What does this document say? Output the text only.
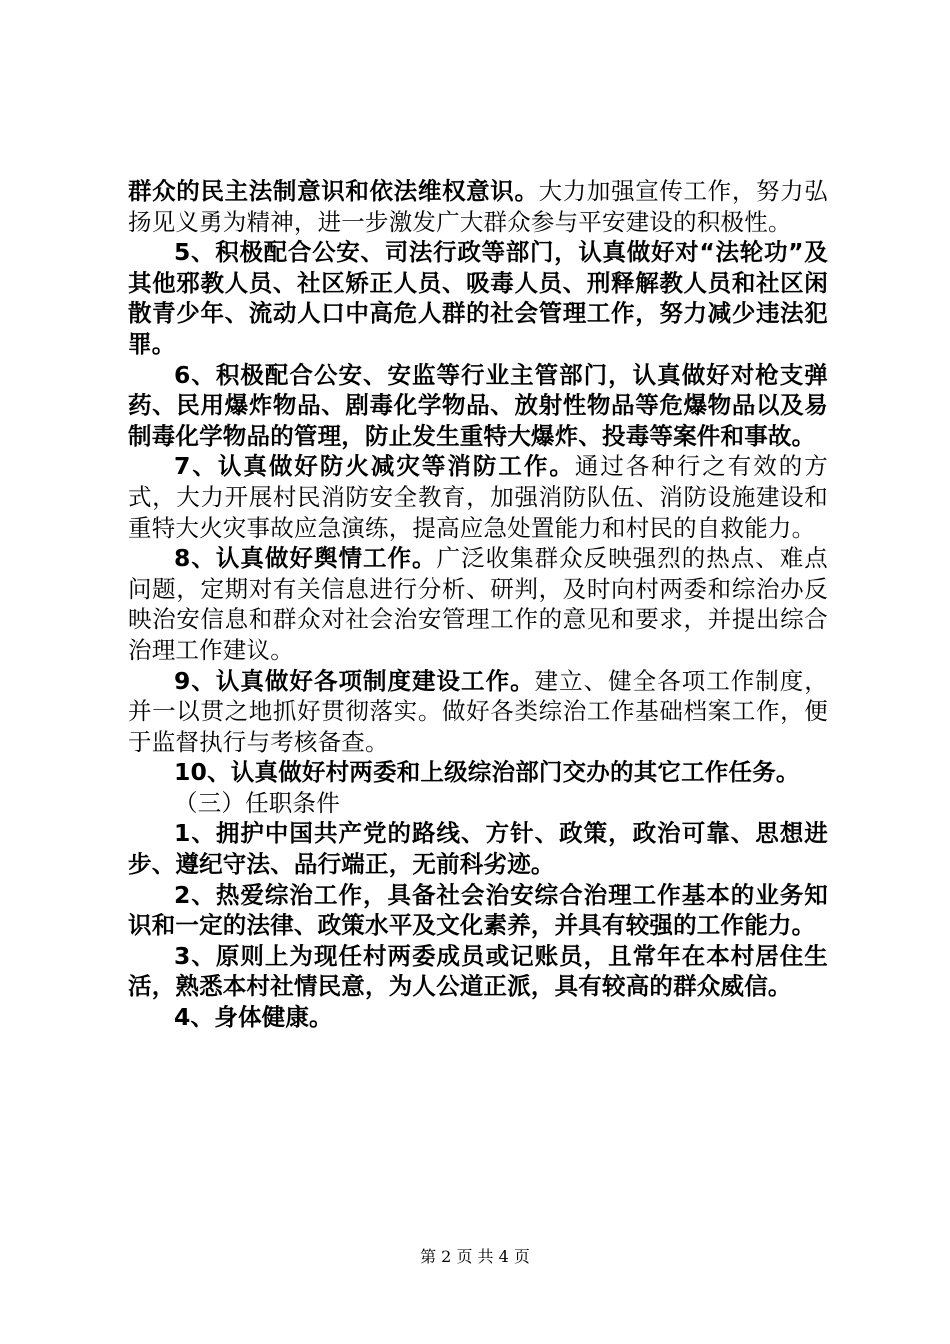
群众的民主法制意识和依法维权意识。大力加强宣传工作，努力弘扬见义勇为精神，进一步激发广大群众参与平安建设的积极性。

5、积极配合公安、司法行政等部门，认真做好对“法轮功”及其他邪教人员、社区矫正人员、吸毒人员、刑释解教人员和社区闲散青少年、流动人口中高危人群的社会管理工作，努力减少违法犯罪。

6、积极配合公安、安监等行业主管部门，认真做好对枪支弹药、民用爆炸物品、剧毒化学物品、放射性物品等危爆物品以及易制毒化学物品的管理，防止发生重特大爆炸、投毒等案件和事故。

7、认真做好防火减灾等消防工作。通过各种行之有效的方式，大力开展村民消防安全教育，加强消防队伍、消防设施建设和重特大火灾事故应急演练，提高应急处置能力和村民的自救能力。

8、认真做好舆情工作。广泛收集群众反映强烈的热点、难点问题，定期对有关信息进行分析、研判，及时向村两委和综治办反映治安信息和群众对社会治安管理工作的意见和要求，并提出综合治理工作建议。

9、认真做好各项制度建设工作。建立、健全各项工作制度，并一以贯之地抓好贯彻落实。做好各类综治工作基础档案工作，便于监督执行与考核备查。

10、认真做好村两委和上级综治部门交办的其它工作任务。

（三）任职条件

1、拥护中国共产党的路线、方针、政策，政治可靠、思想进步、遵纪守法、品行端正，无前科劣迹。

2、热爱综治工作，具备社会治安综合治理工作基本的业务知识和一定的法律、政策水平及文化素养，并具有较强的工作能力。

3、原则上为现任村两委成员或记账员，且常年在本村居住生活，熟悉本村社情民意，为人公道正派，具有较高的群众威信。

4、身体健康。

第 2 页 共 4 页
